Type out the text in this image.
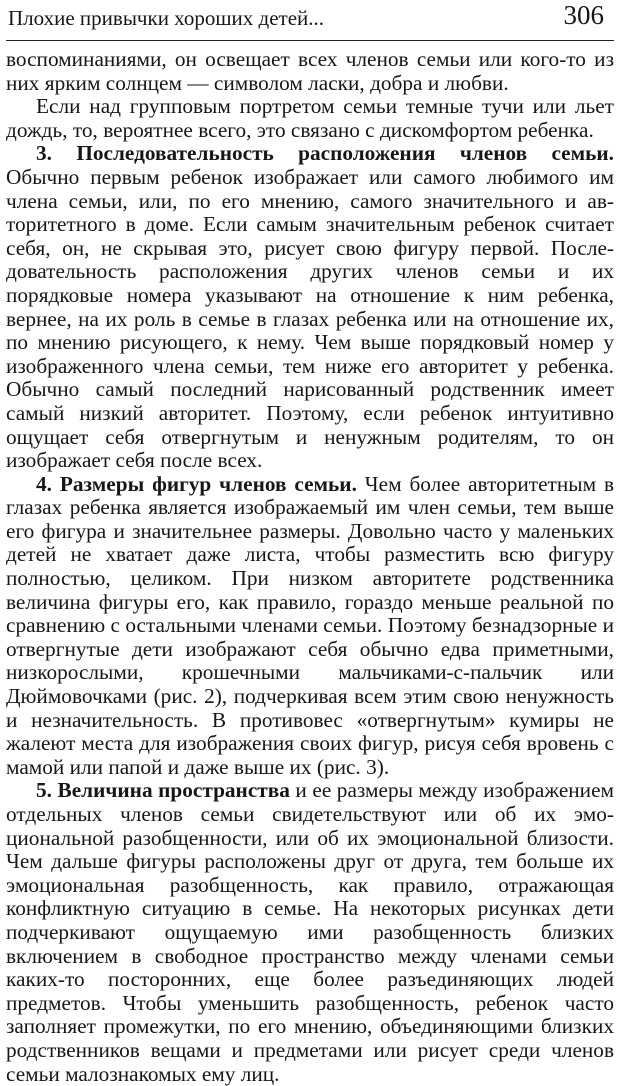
Плохие привычки хороших детей...	306

воспоминаниями, он освещает всех членов семьи или кого-то из них ярким солнцем — символом ласки, добра и любви.

Если над групповым портретом семьи темные тучи или льет дождь, то, вероятнее всего, это связано с дискомфортом ребенка.

3. Последовательность расположения членов семьи. Обычно первым ребенок изображает или самого любимого им члена семьи, или, по его мнению, самого значительного и авторитетного в доме. Если самым значительным ребенок считает себя, он, не скрывая это, рисует свою фигуру первой. Последовательность расположения других членов семьи и их порядковые номера указывают на отношение к ним ребенка, вернее, на их роль в семье в глазах ребенка или на отношение их, по мнению рисующего, к нему. Чем выше порядковый номер у изображенного члена семьи, тем ниже его авторитет у ребенка. Обычно самый последний нарисованный родственник имеет самый низкий авторитет. Поэтому, если ребенок интуитивно ощущает себя отвергнутым и ненужным родителям, то он изображает себя после всех.

4. Размеры фигур членов семьи. Чем более авторитетным в глазах ребенка является изображаемый им член семьи, тем выше его фигура и значительнее размеры. Довольно часто у маленьких детей не хватает даже листа, чтобы разместить всю фигуру полностью, целиком. При низком авторитете родственника величина фигуры его, как правило, гораздо меньше реальной по сравнению с остальными членами семьи. Поэтому безнадзорные и отвергнутые дети изображают себя обычно едва приметными, низкорослыми, крошечными мальчиками-с-пальчик или Дюймовочками (рис. 2), подчеркивая всем этим свою ненужность и незначительность. В противовес «отвергнутым» кумиры не жалеют места для изображения своих фигур, рисуя себя вровень с мамой или папой и даже выше их (рис. 3).

5. Величина пространства и ее размеры между изображением отдельных членов семьи свидетельствуют или об их эмоциональной разобщенности, или об их эмоциональной близости. Чем дальше фигуры расположены друг от друга, тем больше их эмоциональная разобщенность, как правило, отражающая конфликтную ситуацию в семье. На некоторых рисунках дети подчеркивают ощущаемую ими разобщенность близких включением в свободное пространство между членами семьи каких-то посторонних, еще более разъединяющих людей предметов. Чтобы уменьшить разобщенность, ребенок часто заполняет промежутки, по его мнению, объединяющими близких родственников вещами и предметами или рисует среди членов семьи малознакомых ему лиц.
